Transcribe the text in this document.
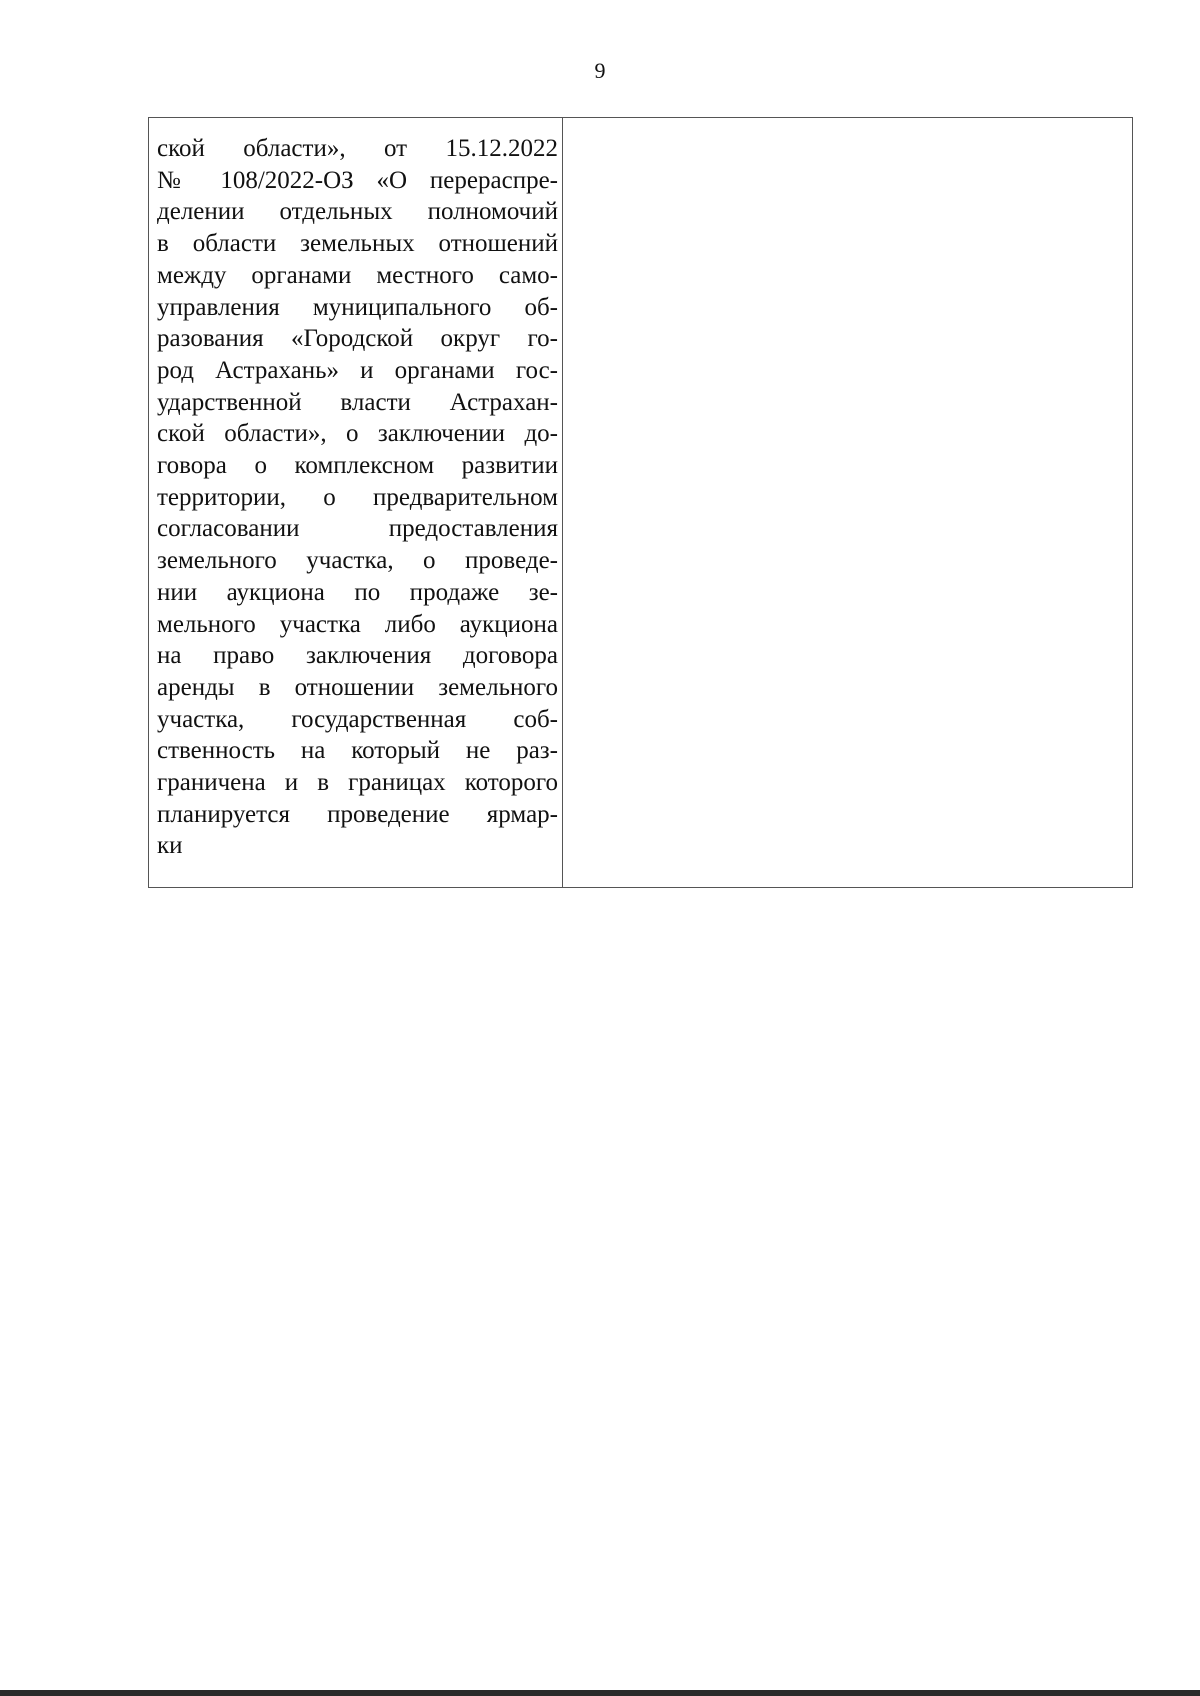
9
ской области», от 15.12.2022
№ 108/2022-ОЗ «О перераспре-
делении отдельных полномочий
в области земельных отношений
между органами местного само-
управления муниципального об-
разования «Городской округ го-
род Астрахань» и органами гос-
ударственной власти Астрахан-
ской области», о заключении до-
говора о комплексном развитии
территории, о предварительном
согласовании предоставления
земельного участка, о проведе-
нии аукциона по продаже зе-
мельного участка либо аукциона
на право заключения договора
аренды в отношении земельного
участка, государственная соб-
ственность на который не раз-
граничена и в границах которого
планируется проведение ярмар-
ки
